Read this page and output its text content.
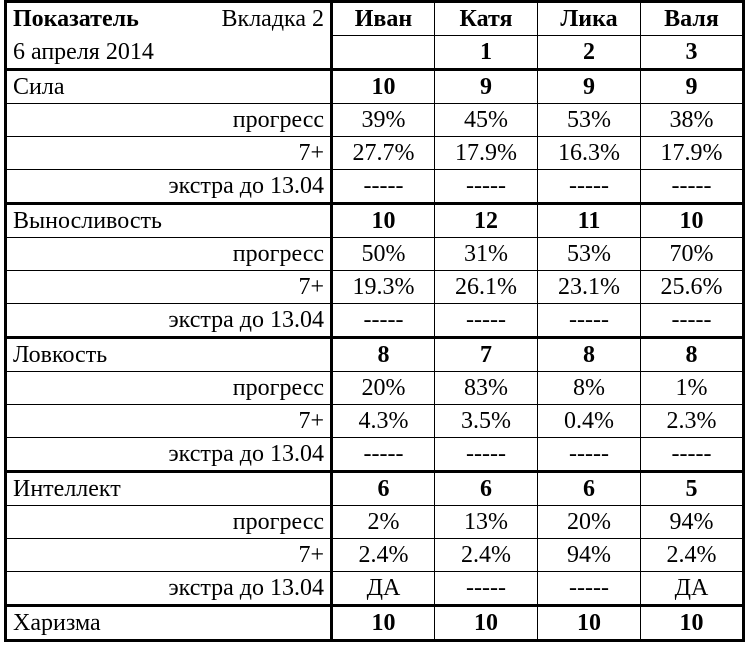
Показатель Вкладка 2	Иван	Катя	Лика	Валя
6 апреля 2014		1	2	3
Сила	10	9	9	9
прогресс	39%	45%	53%	38%
7+	27.7%	17.9%	16.3%	17.9%
экстра до 13.04	-----	-----	-----	-----
Выносливость	10	12	11	10
прогресс	50%	31%	53%	70%
7+	19.3%	26.1%	23.1%	25.6%
экстра до 13.04	-----	-----	-----	-----
Ловкость	8	7	8	8
прогресс	20%	83%	8%	1%
7+	4.3%	3.5%	0.4%	2.3%
экстра до 13.04	-----	-----	-----	-----
Интеллект	6	6	6	5
прогресс	2%	13%	20%	94%
7+	2.4%	2.4%	94%	2.4%
экстра до 13.04	ДА	-----	-----	ДА
Харизма	10	10	10	10
